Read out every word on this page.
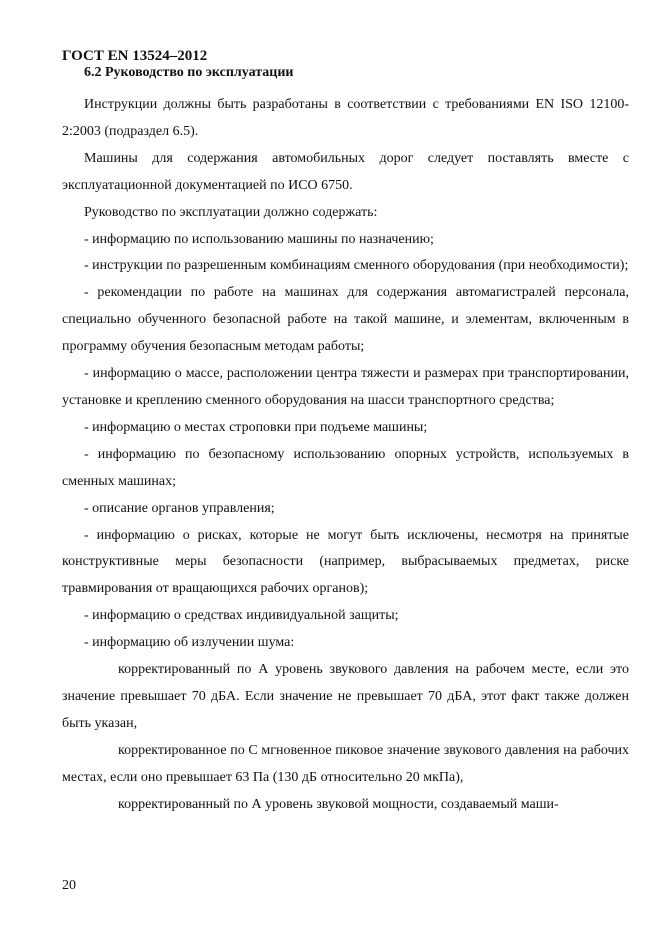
ГОСТ EN 13524–2012
6.2 Руководство по эксплуатации

Инструкции должны быть разработаны в соответствии с требованиями EN ISO 12100-2:2003 (подраздел 6.5).

Машины для содержания автомобильных дорог следует поставлять вместе с эксплуатационной документацией по ИСО 6750.

Руководство по эксплуатации должно содержать:

- информацию по использованию машины по назначению;

- инструкции по разрешенным комбинациям сменного оборудования (при необходимости);

- рекомендации по работе на машинах для содержания автомагистралей персонала, специально обученного безопасной работе на такой машине, и элементам, включенным в программу обучения безопасным методам работы;

- информацию о массе, расположении центра тяжести и размерах при транспортировании, установке и креплению сменного оборудования на шасси транспортного средства;

- информацию о местах строповки при подъеме машины;

- информацию по безопасному использованию опорных устройств, используемых в сменных машинах;

- описание органов управления;

- информацию о рисках, которые не могут быть исключены, несмотря на принятые конструктивные меры безопасности (например, выбрасываемых предметах, риске травмирования от вращающихся рабочих органов);

- информацию о средствах индивидуальной защиты;

- информацию об излучении шума:

корректированный по А уровень звукового давления на рабочем месте, если это значение превышает 70 дБА. Если значение не превышает 70 дБА, этот факт также должен быть указан,

корректированное по С мгновенное пиковое значение звукового давления на рабочих местах, если оно превышает 63 Па (130 дБ относительно 20 мкПа),

корректированный по А уровень звуковой мощности, создаваемый маши-

20
